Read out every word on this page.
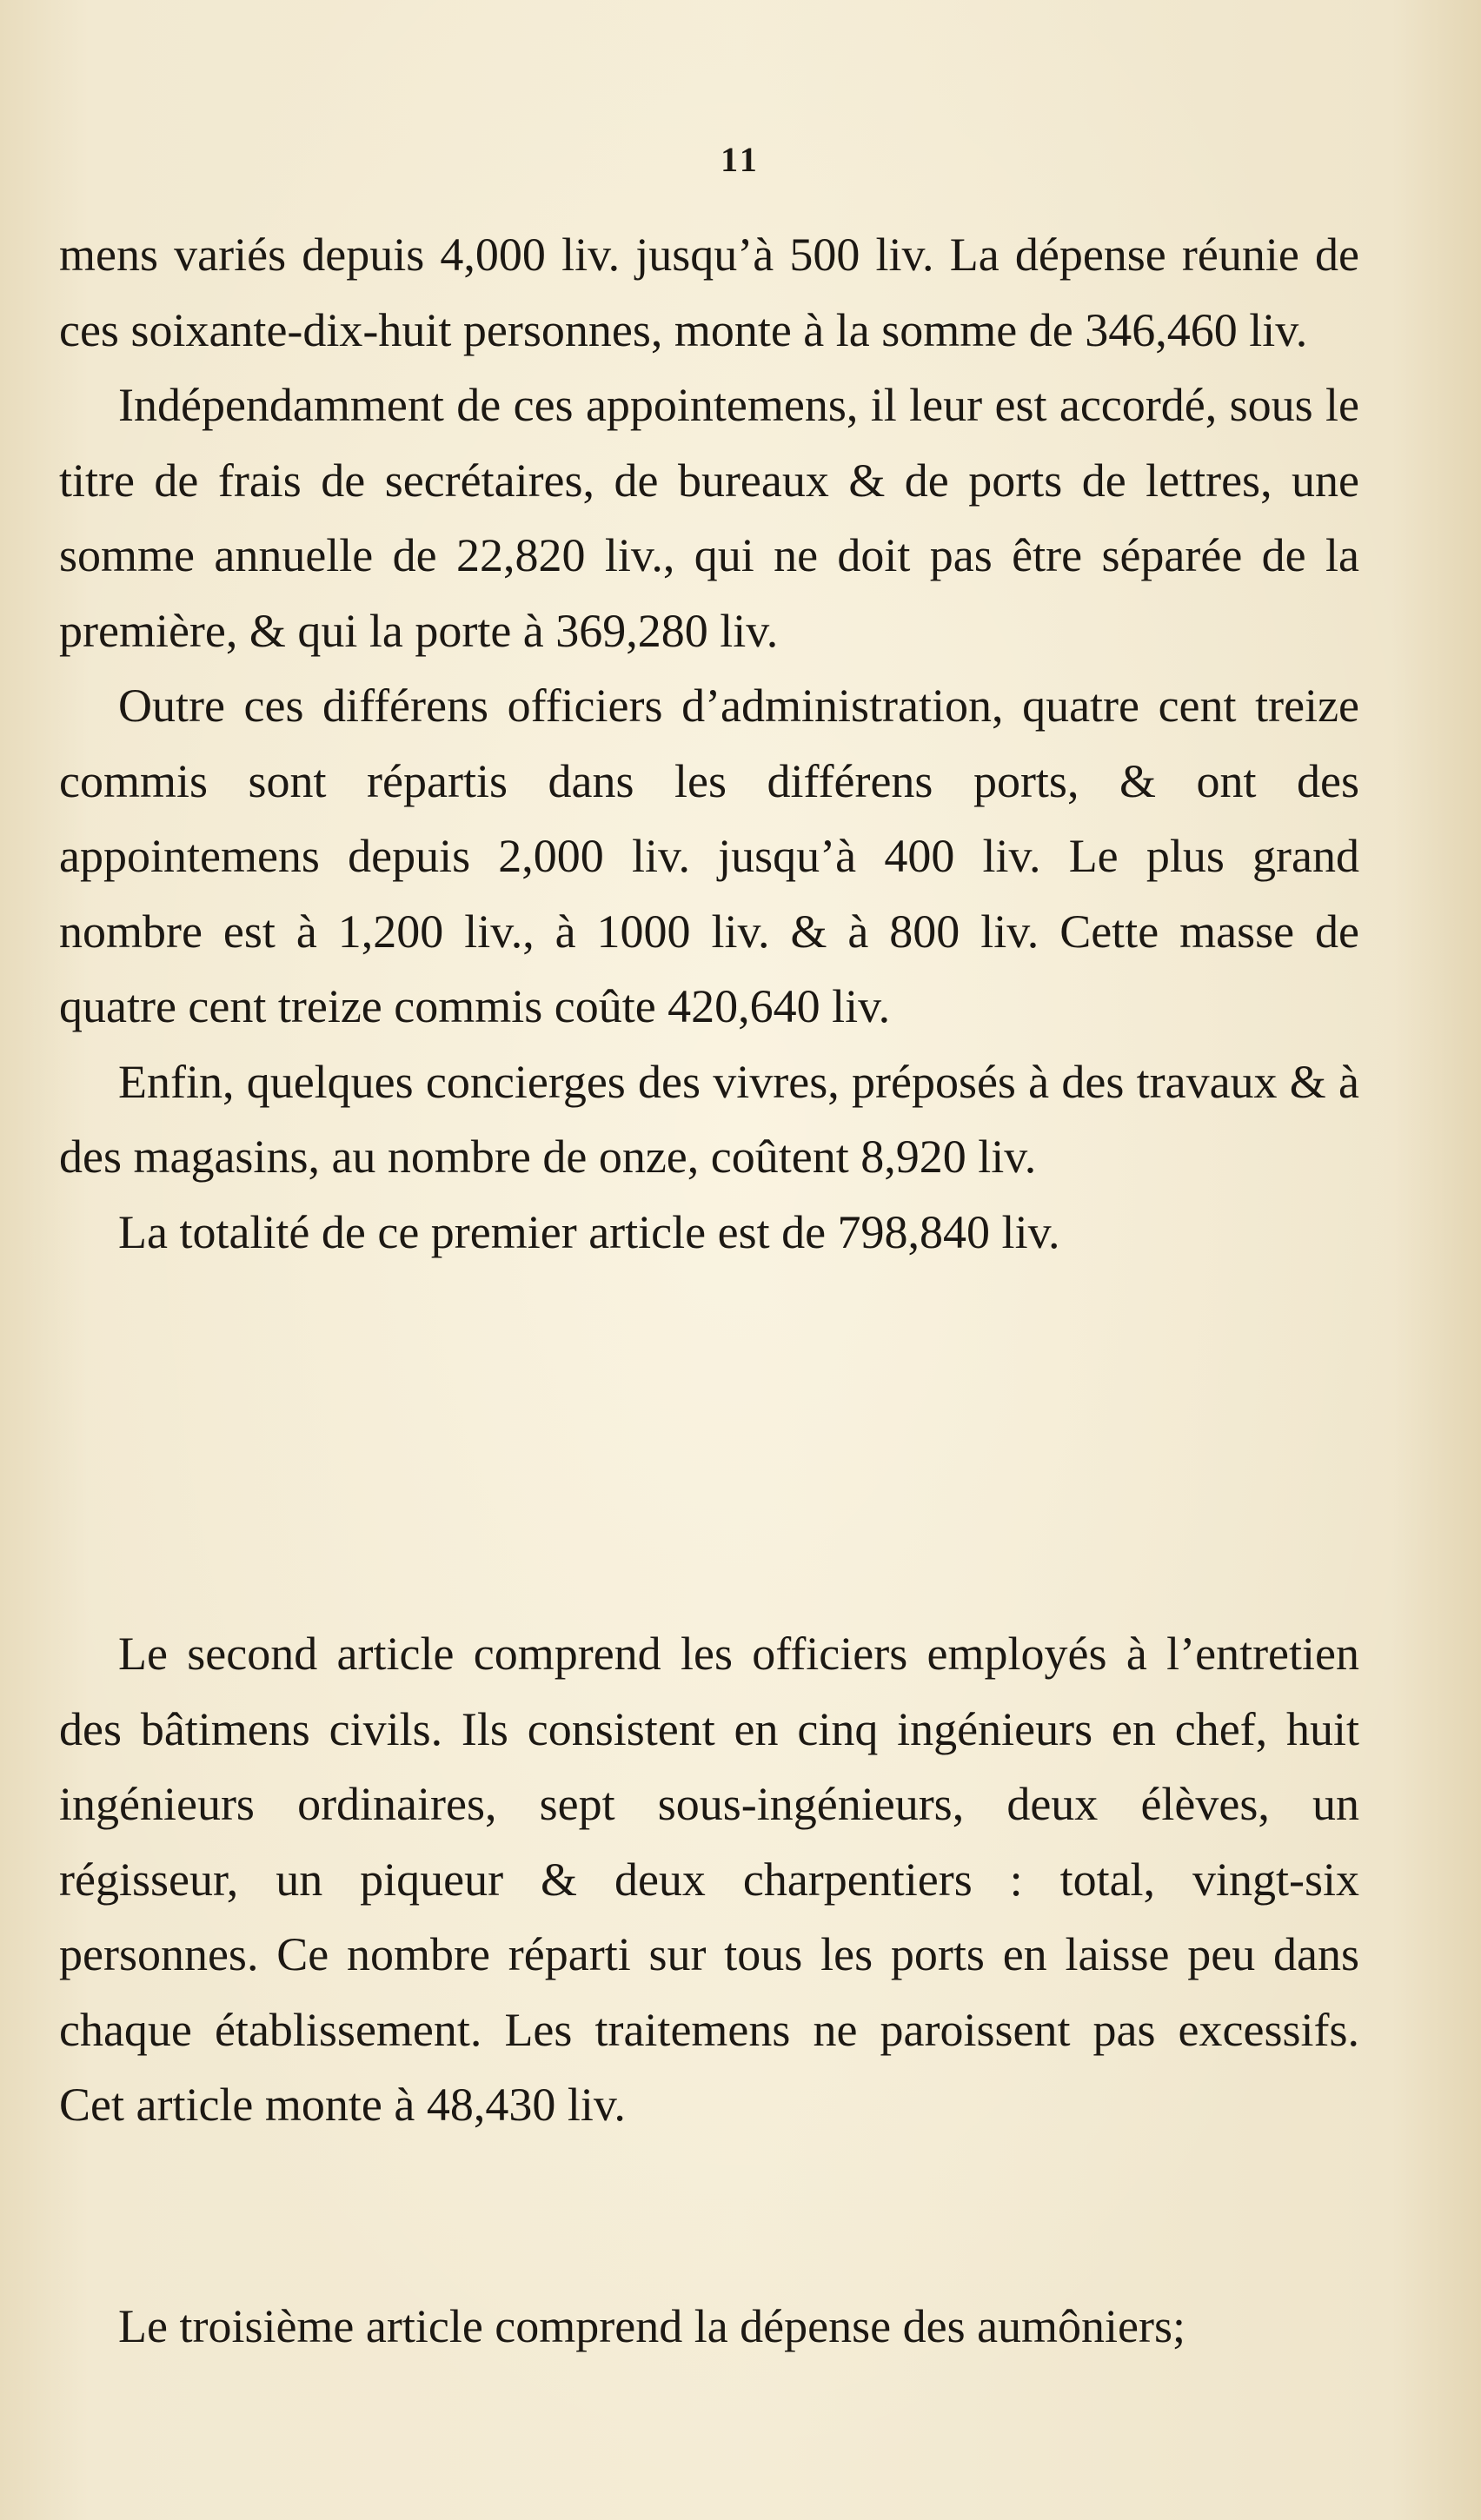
11

mens variés depuis 4,000 liv. jusqu’à 500 liv. La dépense réunie de ces soixante-dix-huit personnes, monte à la somme de 346,460 liv.

Indépendamment de ces appointemens, il leur est accordé, sous le titre de frais de secrétaires, de bureaux & de ports de lettres, une somme annuelle de 22,820 liv., qui ne doit pas être séparée de la première, & qui la porte à 369,280 liv.

Outre ces différens officiers d’administration, quatre cent treize commis sont répartis dans les différens ports, & ont des appointemens depuis 2,000 liv. jusqu’à 400 liv. Le plus grand nombre est à 1,200 liv., à 1000 liv. & à 800 liv. Cette masse de quatre cent treize commis coûte 420,640 liv.

Enfin, quelques concierges des vivres, préposés à des travaux & à des magasins, au nombre de onze, coûtent 8,920 liv.

La totalité de ce premier article est de 798,840 liv.

Le second article comprend les officiers employés à l’entretien des bâtimens civils. Ils consistent en cinq ingénieurs en chef, huit ingénieurs ordinaires, sept sous-ingénieurs, deux élèves, un régisseur, un piqueur & deux charpentiers : total, vingt-six personnes. Ce nombre réparti sur tous les ports en laisse peu dans chaque établissement. Les traitemens ne paroissent pas excessifs. Cet article monte à 48,430 liv.

Le troisième article comprend la dépense des aumôniers;
